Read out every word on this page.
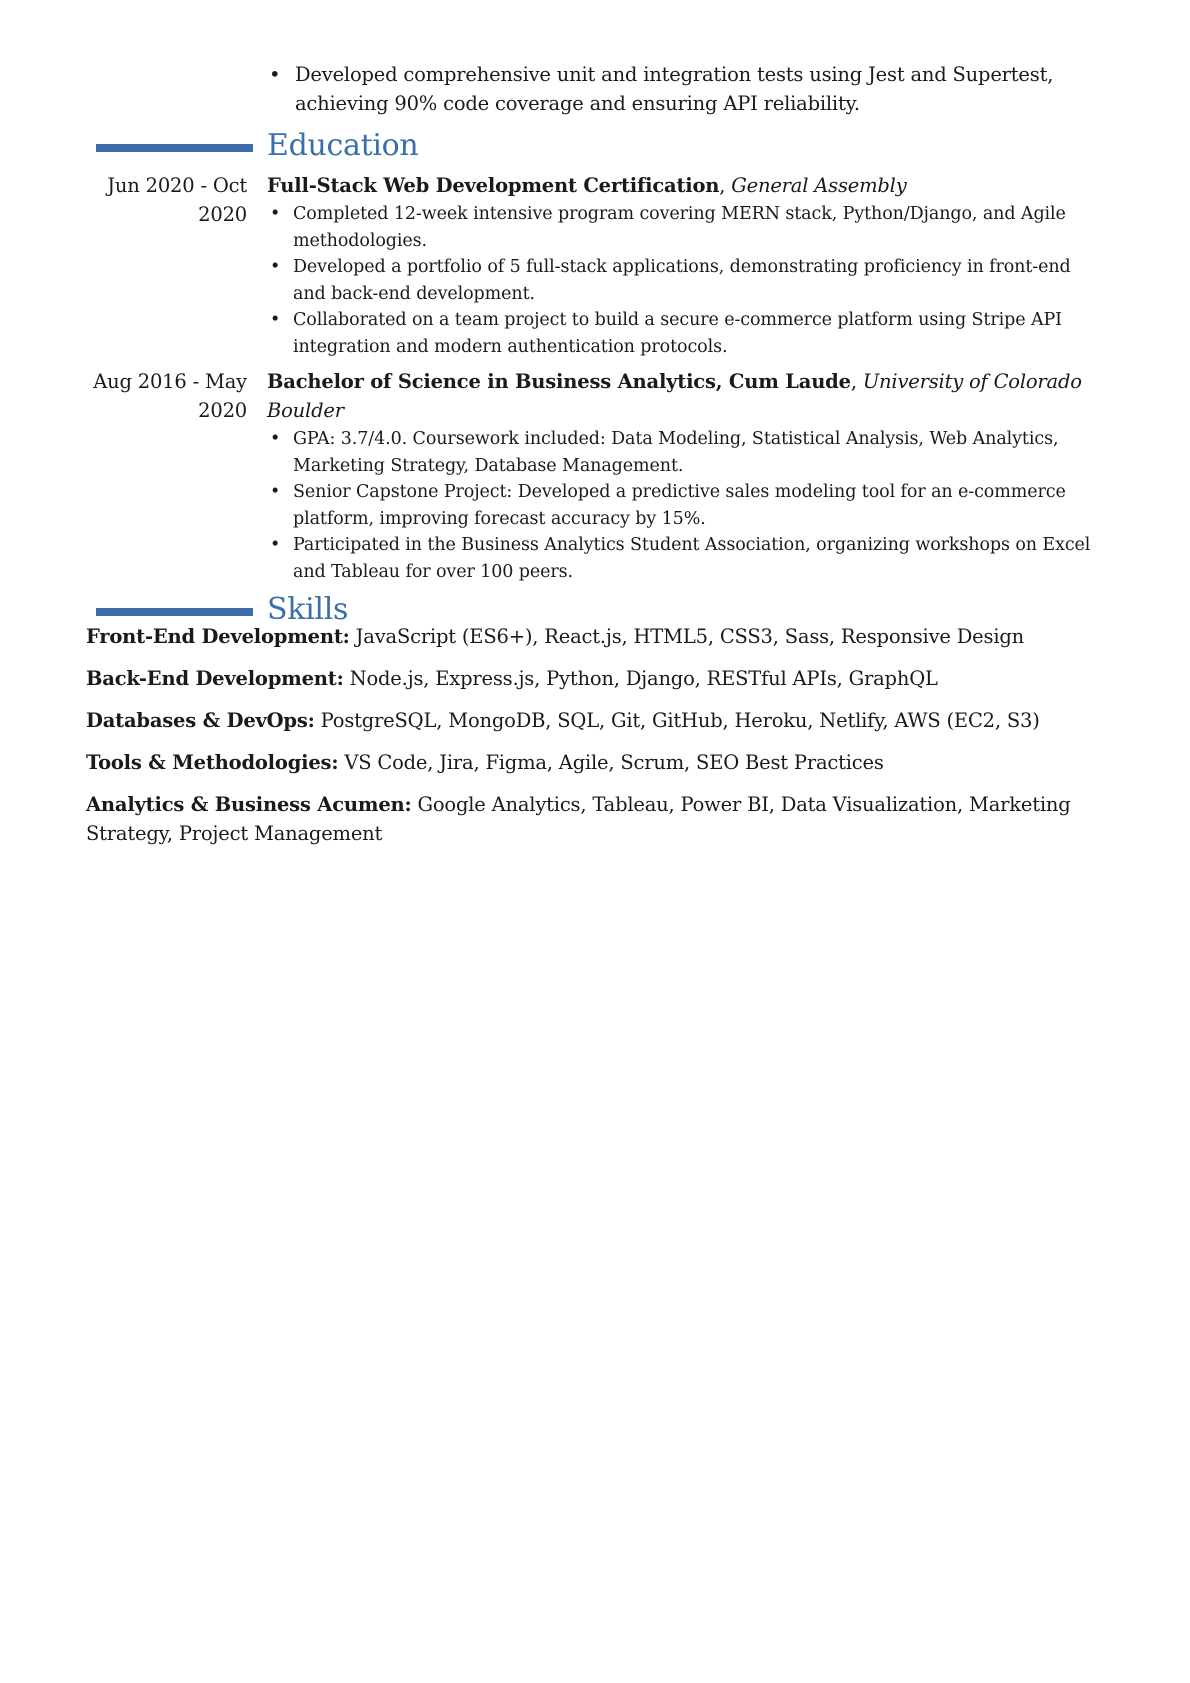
• Developed comprehensive unit and integration tests using Jest and Supertest, achieving 90% code coverage and ensuring API reliability.
Education
Jun 2020 - Oct 2020
Full-Stack Web Development Certification, General Assembly
• Completed 12-week intensive program covering MERN stack, Python/Django, and Agile methodologies.
• Developed a portfolio of 5 full-stack applications, demonstrating proficiency in front-end and back-end development.
• Collaborated on a team project to build a secure e-commerce platform using Stripe API integration and modern authentication protocols.
Aug 2016 - May 2020
Bachelor of Science in Business Analytics, Cum Laude, University of Colorado Boulder
• GPA: 3.7/4.0. Coursework included: Data Modeling, Statistical Analysis, Web Analytics, Marketing Strategy, Database Management.
• Senior Capstone Project: Developed a predictive sales modeling tool for an e-commerce platform, improving forecast accuracy by 15%.
• Participated in the Business Analytics Student Association, organizing workshops on Excel and Tableau for over 100 peers.
Skills
Front-End Development: JavaScript (ES6+), React.js, HTML5, CSS3, Sass, Responsive Design
Back-End Development: Node.js, Express.js, Python, Django, RESTful APIs, GraphQL
Databases & DevOps: PostgreSQL, MongoDB, SQL, Git, GitHub, Heroku, Netlify, AWS (EC2, S3)
Tools & Methodologies: VS Code, Jira, Figma, Agile, Scrum, SEO Best Practices
Analytics & Business Acumen: Google Analytics, Tableau, Power BI, Data Visualization, Marketing Strategy, Project Management
